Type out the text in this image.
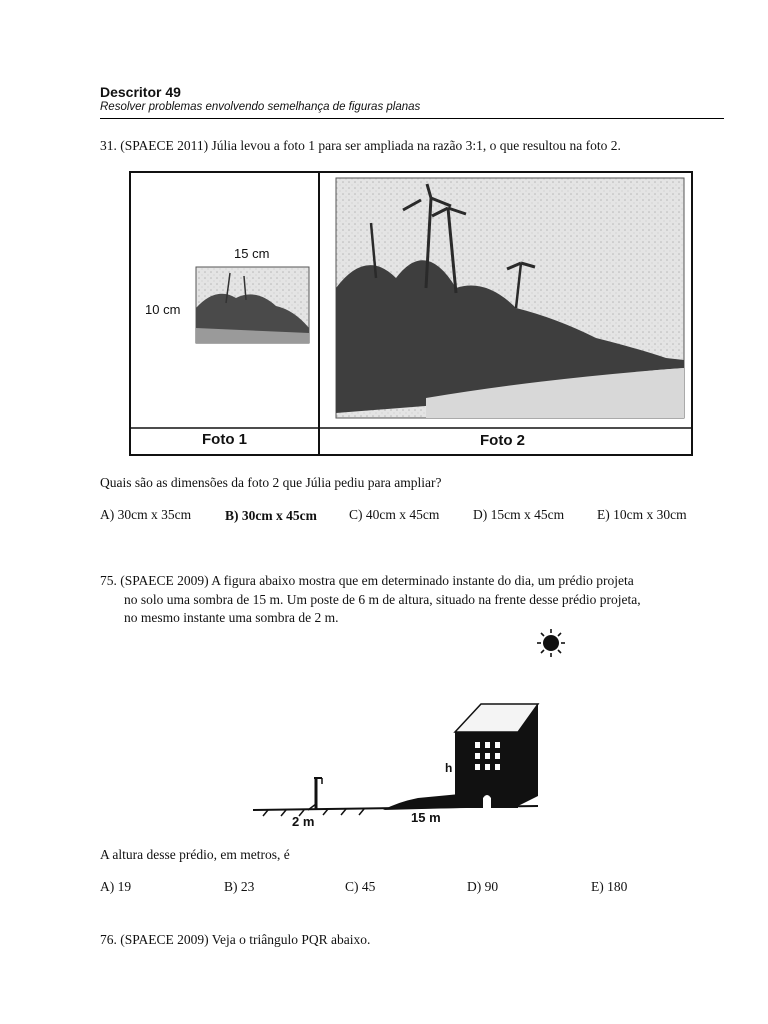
Descritor 49
Resolver problemas envolvendo semelhança de figuras planas
31. (SPAECE 2011) Júlia levou a foto 1 para ser ampliada na razão 3:1, o que resultou na foto 2.
15 cm
10 cm
Foto 1	Foto 2
Quais são as dimensões da foto 2 que Júlia pediu para ampliar?
A) 30cm x 35cm	B) 30cm x 45cm C) 40cm x 45cm D) 15cm x 45cm E) 10cm x 30cm
75. (SPAECE 2009) A figura abaixo mostra que em determinado instante do dia, um prédio projeta
no solo uma sombra de 15 m. Um poste de 6 m de altura, situado na frente desse prédio projeta,
no mesmo instante uma sombra de 2 m.
h
2 m	15 m
A altura desse prédio, em metros, é
A) 19	B) 23	C) 45	D) 90	E) 180
76. (SPAECE 2009) Veja o triângulo PQR abaixo.
